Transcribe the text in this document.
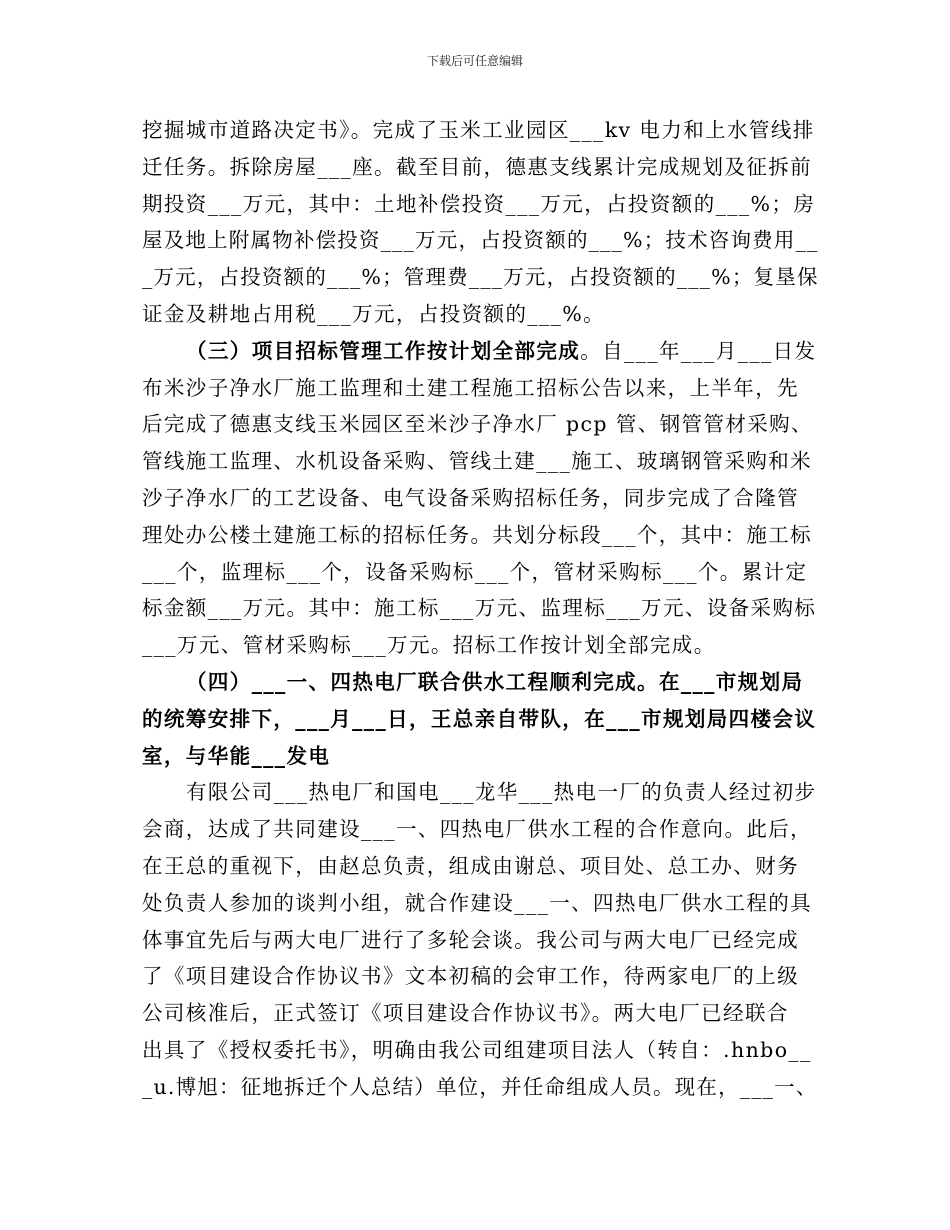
下载后可任意编辑
挖掘城市道路决定书》。完成了玉米工业园区___kv 电力和上水管线排
迁任务。拆除房屋___座。截至目前，德惠支线累计完成规划及征拆前
期投资___万元，其中：土地补偿投资___万元，占投资额的___%；房
屋及地上附属物补偿投资___万元，占投资额的___%；技术咨询费用__
_万元，占投资额的___%；管理费___万元，占投资额的___%；复垦保
证金及耕地占用税___万元，占投资额的___%。
（三）项目招标管理工作按计划全部完成。自___年___月___日发
布米沙子净水厂施工监理和土建工程施工招标公告以来，上半年，先
后完成了德惠支线玉米园区至米沙子净水厂 pcp 管、钢管管材采购、
管线施工监理、水机设备采购、管线土建___施工、玻璃钢管采购和米
沙子净水厂的工艺设备、电气设备采购招标任务，同步完成了合隆管
理处办公楼土建施工标的招标任务。共划分标段___个，其中：施工标
___个，监理标___个，设备采购标___个，管材采购标___个。累计定
标金额___万元。其中：施工标___万元、监理标___万元、设备采购标
___万元、管材采购标___万元。招标工作按计划全部完成。
（四）___一、四热电厂联合供水工程顺利完成。在___市规划局
的统筹安排下，___月___日，王总亲自带队，在___市规划局四楼会议
室，与华能___发电
有限公司___热电厂和国电___龙华___热电一厂的负责人经过初步
会商，达成了共同建设___一、四热电厂供水工程的合作意向。此后，
在王总的重视下，由赵总负责，组成由谢总、项目处、总工办、财务
处负责人参加的谈判小组，就合作建设___一、四热电厂供水工程的具
体事宜先后与两大电厂进行了多轮会谈。我公司与两大电厂已经完成
了《项目建设合作协议书》文本初稿的会审工作，待两家电厂的上级
公司核准后，正式签订《项目建设合作协议书》。两大电厂已经联合
出具了《授权委托书》，明确由我公司组建项目法人（转自：.hnbo__
_u.博旭：征地拆迁个人总结）单位，并任命组成人员。现在，___一、
